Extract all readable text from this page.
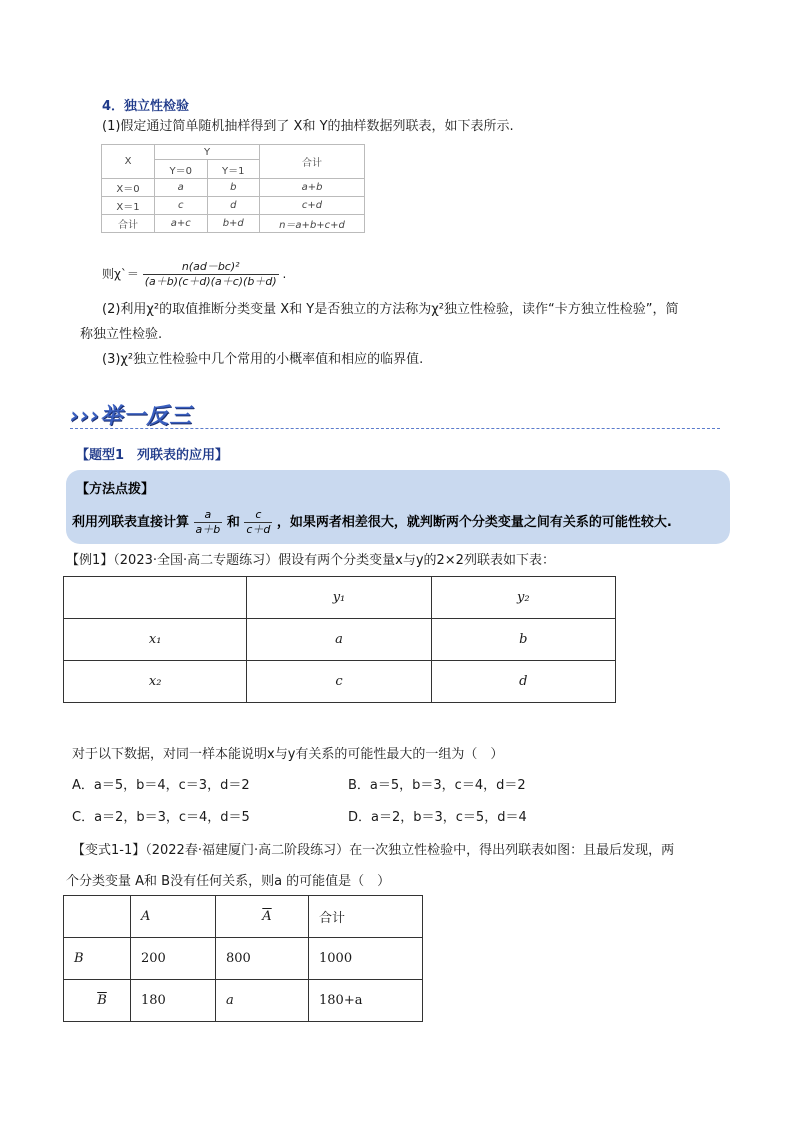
4．独立性检验
(1)假定通过简单随机抽样得到了 X和 Y的抽样数据列联表，如下表所示.
X	Y		合计
	Y＝0	Y＝1	
X＝0	a	b	a+b
X＝1	c	d	c+d
合计	a+c	b+d	n＝a+b+c+d
则χ`＝ $\frac{\text{n(ad－bc)²}}{(a+b)(c+d)(a+c)(b+d)}$ .
(2)利用χ²的取值推断分类变量 X和 Y是否独立的方法称为χ²独立性检验，读作“卡方独立性检验”，简
称独立性检验.
(3)χ²独立性检验中几个常用的小概率值和相应的临界值.
›››举一反三
【题型1　列联表的应用】
【方法点拨】
利用列联表直接计算 $\frac{a}{a+b}$ 和 $\frac{c}{c+d}$ ，如果两者相差很大，就判断两个分类变量之间有关系的可能性较大.
【例1】（2023·全国·高二专题练习）假设有两个分类变量x与y的2×2列联表如下表：
	y₁	y₂
x₁	a	b
x₂	c	d
对于以下数据，对同一样本能说明x与y有关系的可能性最大的一组为（　）
A．a＝5，b＝4，c＝3，d＝2	B．a＝5，b＝3，c＝4，d＝2
C．a＝2，b＝3，c＝4，d＝5	D．a＝2，b＝3，c＝5，d＝4
【变式1-1】（2022春·福建厦门·高二阶段练习）在一次独立性检验中，得出列联表如图：且最后发现，两
个分类变量 A和 B没有任何关系，则a 的可能值是（　）
	A	$\overline{A}$	合计
B	200	800	1000
$\overline{B}$	180	a	180+a
